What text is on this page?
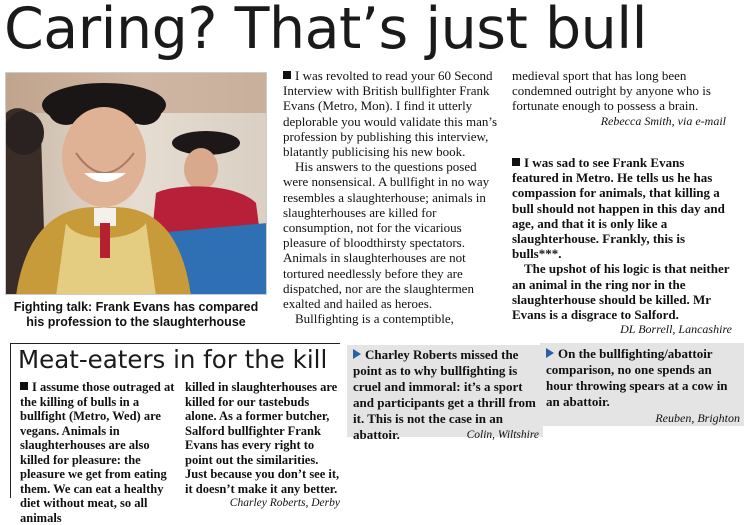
Caring? That’s just bull
Fighting talk: Frank Evans has compared his profession to the slaughterhouse

I was revolted to read your 60 Second Interview with British bullfighter Frank Evans (Metro, Mon). I find it utterly deplorable you would validate this man’s profession by publishing this interview, blatantly publicising his new book.

His answers to the questions posed were nonsensical. A bullfight in no way resembles a slaughterhouse; animals in slaughterhouses are killed for consumption, not for the vicarious pleasure of bloodthirsty spectators. Animals in slaughterhouses are not tortured needlessly before they are dispatched, nor are the slaughtermen exalted and hailed as heroes.

Bullfighting is a contemptible,

medieval sport that has long been condemned outright by anyone who is fortunate enough to possess a brain.

Rebecca Smith, via e-mail

I was sad to see Frank Evans featured in Metro. He tells us he has compassion for animals, that killing a bull should not happen in this day and age, and that it is only like a slaughterhouse. Frankly, this is bulls***.

The upshot of his logic is that neither an animal in the ring nor in the slaughterhouse should be killed. Mr Evans is a disgrace to Salford.

DL Borrell, Lancashire

Meat-eaters in for the kill
I assume those outraged at the killing of bulls in a bullfight (Metro, Wed) are vegans. Animals in slaughterhouses are also killed for pleasure: the pleasure we get from eating them. We can eat a healthy diet without meat, so all animals
killed in slaughterhouses are killed for our tastebuds alone. As a former butcher, Salford bullfighter Frank Evans has every right to point out the similarities. Just because you don’t see it, it doesn’t make it any better.
Charley Roberts, Derby
Charley Roberts missed the point as to why bullfighting is cruel and immoral: it’s a sport and participants get a thrill from it. This is not the case in an abattoir.	Colin, Wiltshire
On the bullfighting/abattoir comparison, no one spends an hour throwing spears at a cow in an abattoir.
Reuben, Brighton
